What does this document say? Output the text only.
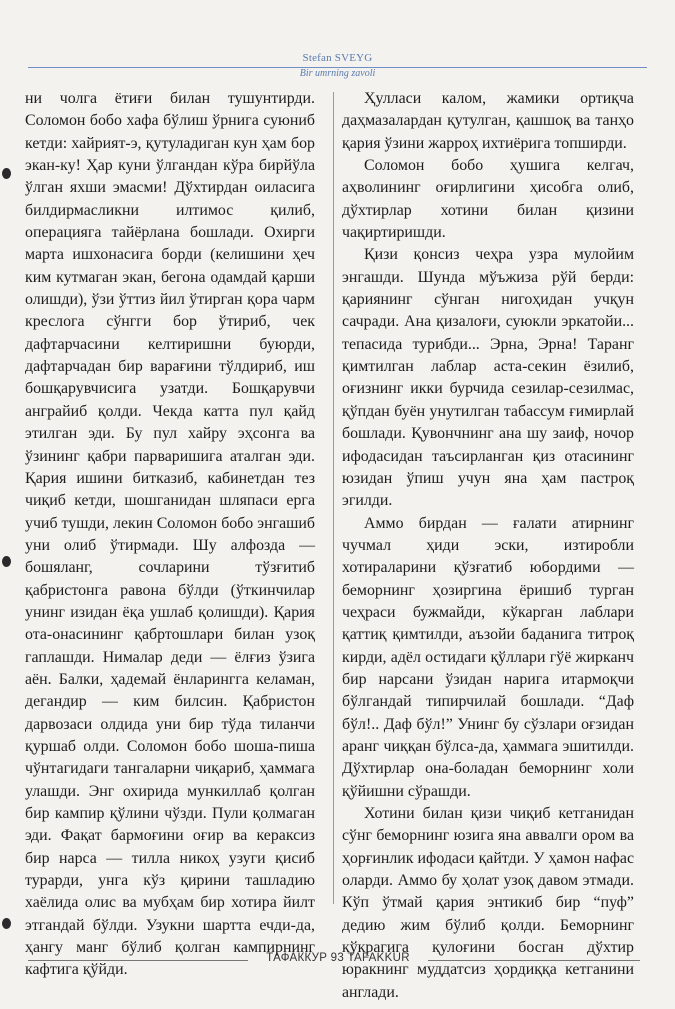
Stefan SVEYG
Bir umrning zavoli

ни чолга ётиғи билан тушунтирди. Соломон бобо хафа бўлиш ўрнига суюниб кетди: хайрият-э, қутуладиган кун ҳам бор экан-ку! Ҳар куни ўлгандан кўра бирйўла ўлган яхши эмасми! Дўхтирдан оиласига билдирмасликни илтимос қилиб, операцияга тайёрлана бошлади. Охирги марта ишхонасига борди (келишини ҳеч ким кутмаган экан, бегона одамдай қарши олишди), ўзи ўттиз йил ўтирган қора чарм креслога сўнгги бор ўтириб, чек дафтарчасини келтиришни буюрди, дафтарчадан бир варағини тўлдириб, иш бошқарувчисига узатди. Бошқарувчи анграйиб қолди. Чекда катта пул қайд этилган эди. Бу пул хайру эҳсонга ва ўзининг қабри парваришига аталган эди. Қария ишини битказиб, кабинетдан тез чиқиб кетди, шошганидан шляпаси ерга учиб тушди, лекин Соломон бобо энгашиб уни олиб ўтирмади. Шу алфозда — бошяланг, сочларини тўзғитиб қабристонга равона бўлди (ўткинчилар унинг изидан ёқа ушлаб қолишди). Қария ота-онасининг қабртошлари билан узоқ гаплашди. Нималар деди — ёлғиз ўзига аён. Балки, ҳадемай ёнларингга келаман, дегандир — ким билсин. Қабристон дарвозаси олдида уни бир тўда тиланчи қуршаб олди. Соломон бобо шоша-пиша чўнтагидаги тангаларни чиқариб, ҳаммага улашди. Энг охирида мункиллаб қолган бир кампир қўлини чўзди. Пули қолмаган эди. Фақат бармоғини оғир ва кераксиз бир нарса — тилла никоҳ узуги қисиб турарди, унга кўз қирини ташладию хаёлида олис ва мубҳам бир хотира йилт этгандай бўлди. Узукни шартта ечди-да, ҳангу манг бўлиб қолган кампирнинг кафтига қўйди.

Ҳулласи калом, жамики ортиқча даҳмазалардан қутулган, қашшоқ ва танҳо қария ўзини жарроҳ ихтиёрига топширди.

Соломон бобо ҳушига келгач, аҳволининг оғирлигини ҳисобга олиб, дўхтирлар хотини билан қизини чақиртиришди.

Қизи қонсиз чеҳра узра мулойим энгашди. Шунда мўъжиза рўй берди: қариянинг сўнган нигоҳидан учқун сачради. Ана қизалоғи, суюкли эркатойи... тепасида турибди... Эрна, Эрна! Таранг қимтилган лаблар аста-секин ёзилиб, оғизнинг икки бурчида сезилар-сезилмас, қўпдан буён унутилган табассум ғимирлай бошлади. Қувончнинг ана шу заиф, ночор ифодасидан таъсирланган қиз отасининг юзидан ўпиш учун яна ҳам пастроқ эгилди.

Аммо бирдан — ғалати атирнинг чучмал ҳиди эски, изтиробли хотираларини қўзғатиб юбордими — беморнинг ҳозиргина ёришиб турган чеҳраси бужмайди, кўкарган лаблари қаттиқ қимтилди, аъзойи баданига титроқ кирди, адёл остидаги қўллари гўё жирканч бир нарсани ўзидан нарига итармоқчи бўлгандай типирчилай бошлади. “Даф бўл!.. Даф бўл!” Унинг бу сўзлари оғзидан аранг чиққан бўлса-да, ҳаммага эшитилди. Дўхтирлар она-боладан беморнинг холи қўйишни сўрашди.

Хотини билан қизи чиқиб кетганидан сўнг беморнинг юзига яна аввалги ором ва ҳорғинлик ифодаси қайтди. У ҳамон нафас оларди. Аммо бу ҳолат узоқ давом этмади. Кўп ўтмай қария энтикиб бир “пуф” дедию жим бўлиб қолди. Беморнинг кўкрагига қулоғини босган дўхтир юракнинг муддатсиз ҳордиққа кетганини англади.

ТАФАККУР 93 TAFAKKUR
